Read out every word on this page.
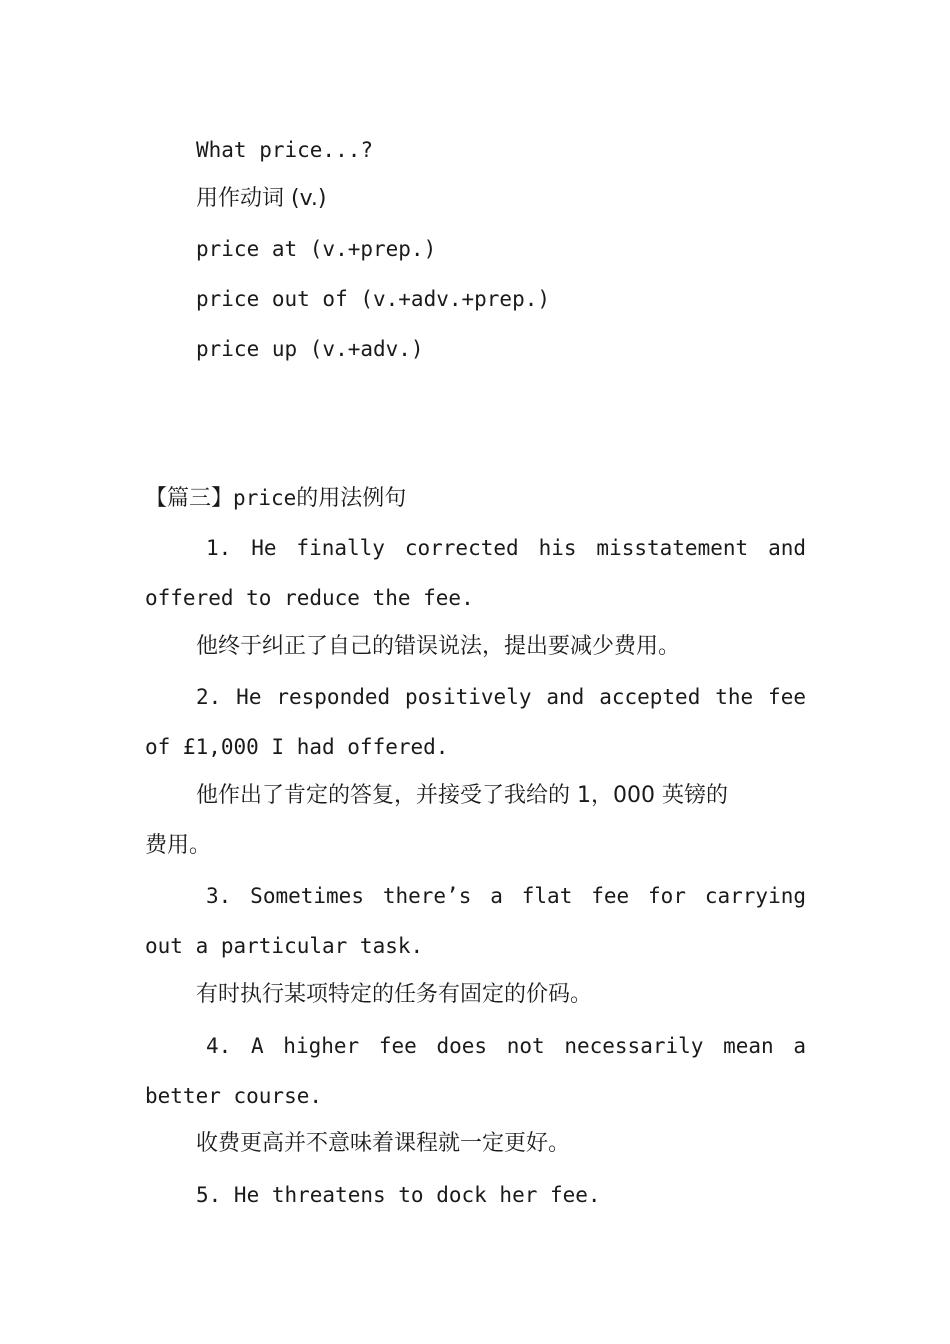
What price...?
用作动词 (v.)
price at (v.+prep.)
price out of (v.+adv.+prep.)
price up (v.+adv.)
【篇三】price的用法例句
1. He finally corrected his misstatement and
offered to reduce the fee.
他终于纠正了自己的错误说法，提出要减少费用。
2. He responded positively and accepted the fee
of £1,000 I had offered.
他作出了肯定的答复，并接受了我给的 1，000 英镑的
费用。
3. Sometimes there’s a flat fee for carrying
out a particular task.
有时执行某项特定的任务有固定的价码。
4. A higher fee does not necessarily mean a
better course.
收费更高并不意味着课程就一定更好。
5. He threatens to dock her fee.
